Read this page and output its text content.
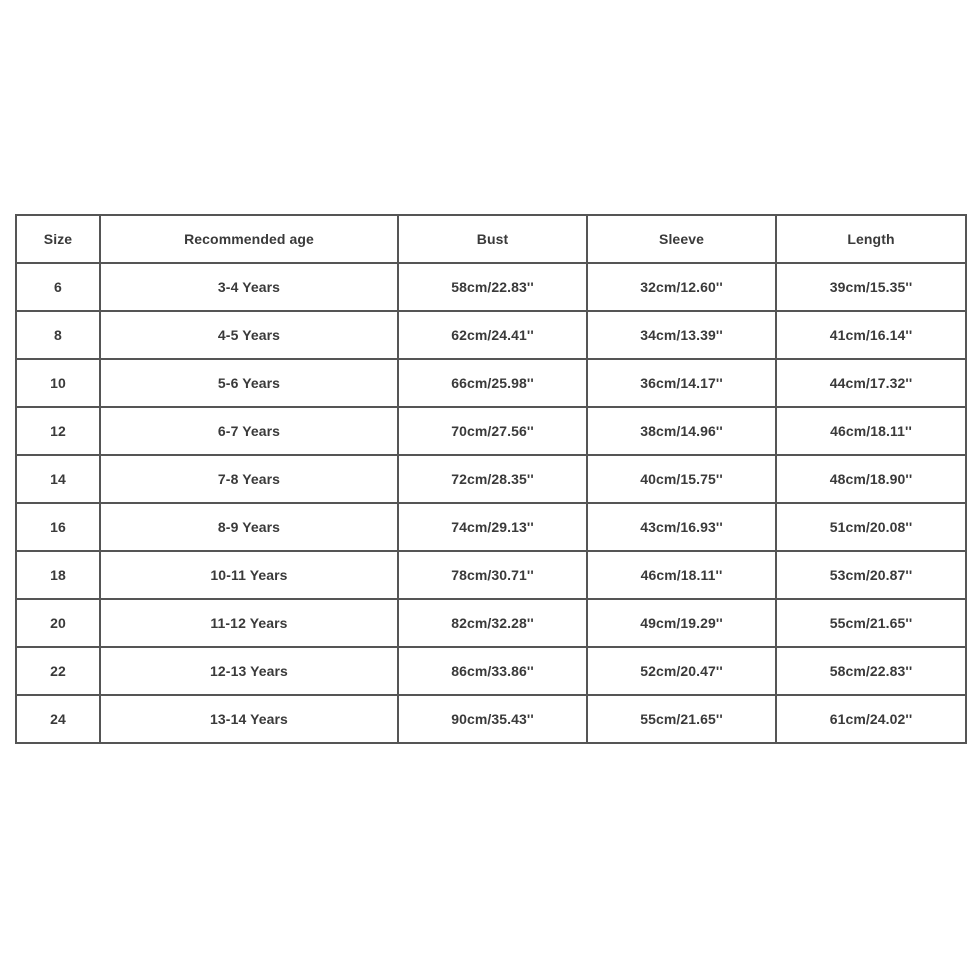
Size	Recommended age	Bust	Sleeve	Length
6	3-4 Years	58cm/22.83''	32cm/12.60''	39cm/15.35''
8	4-5 Years	62cm/24.41''	34cm/13.39''	41cm/16.14''
10	5-6 Years	66cm/25.98''	36cm/14.17''	44cm/17.32''
12	6-7 Years	70cm/27.56''	38cm/14.96''	46cm/18.11''
14	7-8 Years	72cm/28.35''	40cm/15.75''	48cm/18.90''
16	8-9 Years	74cm/29.13''	43cm/16.93''	51cm/20.08''
18	10-11 Years	78cm/30.71''	46cm/18.11''	53cm/20.87''
20	11-12 Years	82cm/32.28''	49cm/19.29''	55cm/21.65''
22	12-13 Years	86cm/33.86''	52cm/20.47''	58cm/22.83''
24	13-14 Years	90cm/35.43''	55cm/21.65''	61cm/24.02''
